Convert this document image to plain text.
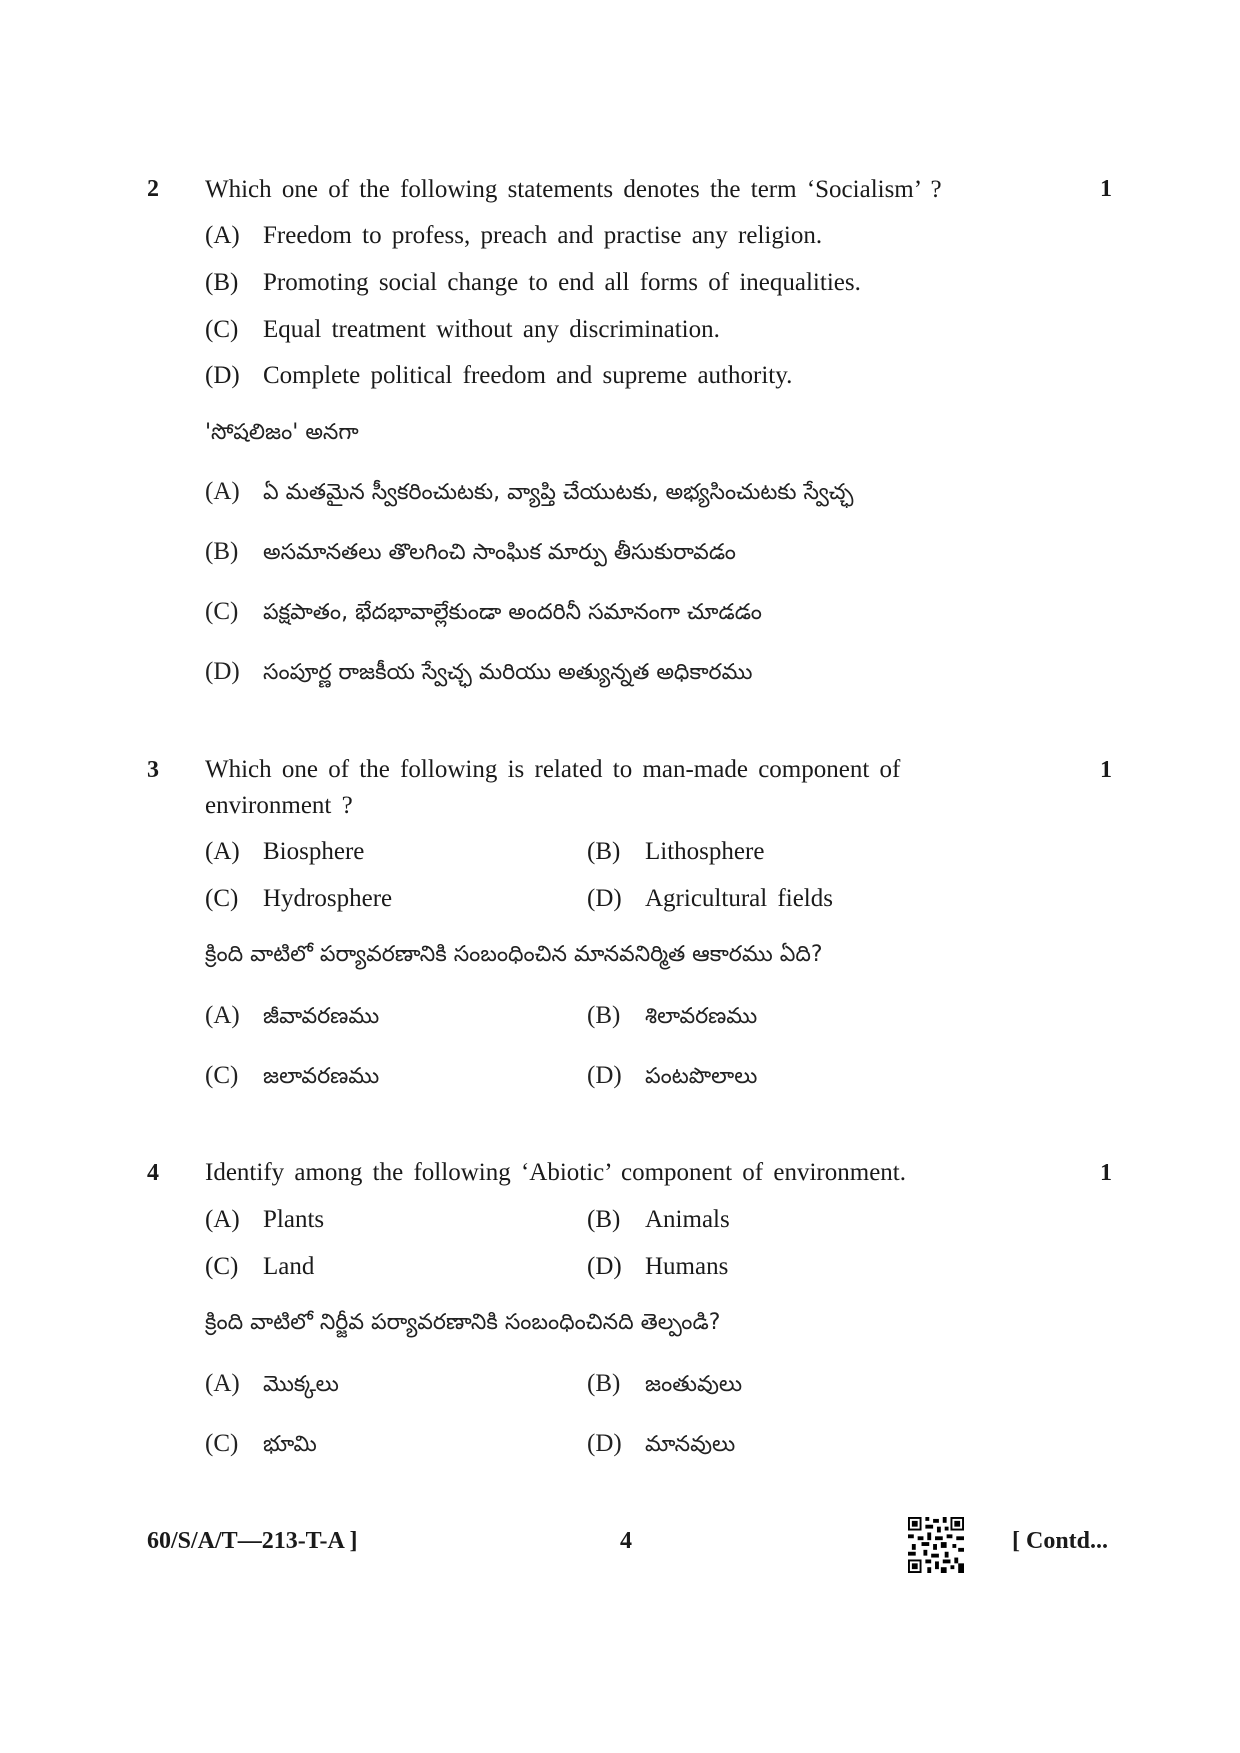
2 Which one of the following statements denotes the term ‘Socialism’ ?	1
(A) Freedom to profess, preach and practise any religion.
(B) Promoting social change to end all forms of inequalities.
(C) Equal treatment without any discrimination.
(D) Complete political freedom and supreme authority.
'సోషలిజం' అనగా
(A) ఏ మతమైన స్వీకరించుటకు, వ్యాప్తి చేయుటకు, అభ్యసించుటకు స్వేచ్ఛ
(B) అసమానతలు తొలగించి సాంఘిక మార్పు తీసుకురావడం
(C) పక్షపాతం, భేదభావాల్లేకుండా అందరినీ సమానంగా చూడడం
(D) సంపూర్ణ రాజకీయ స్వేచ్ఛ మరియు అత్యున్నత అధికారము
3 Which one of the following is related to man-made component of
environment ?
1
(A) Biosphere	(B) Lithosphere
(C) Hydrosphere	(D) Agricultural fields
క్రింది వాటిలో పర్యావరణానికి సంబంధించిన మానవనిర్మిత ఆకారము ఏది?
(A) జీవావరణము	(B) శిలావరణము
(C) జలావరణము	(D) పంటపొలాలు
4 Identify among the following ‘Abiotic’ component of environment.	1
(A) Plants	(B) Animals
(C) Land	(D) Humans
క్రింది వాటిలో నిర్జీవ పర్యావరణానికి సంబంధించినది తెల్పండి?
(A) మొక్కలు	(B) జంతువులు
(C) భూమి	(D) మానవులు
60/S/A/T—213-T-A ]	4	[ Contd...
